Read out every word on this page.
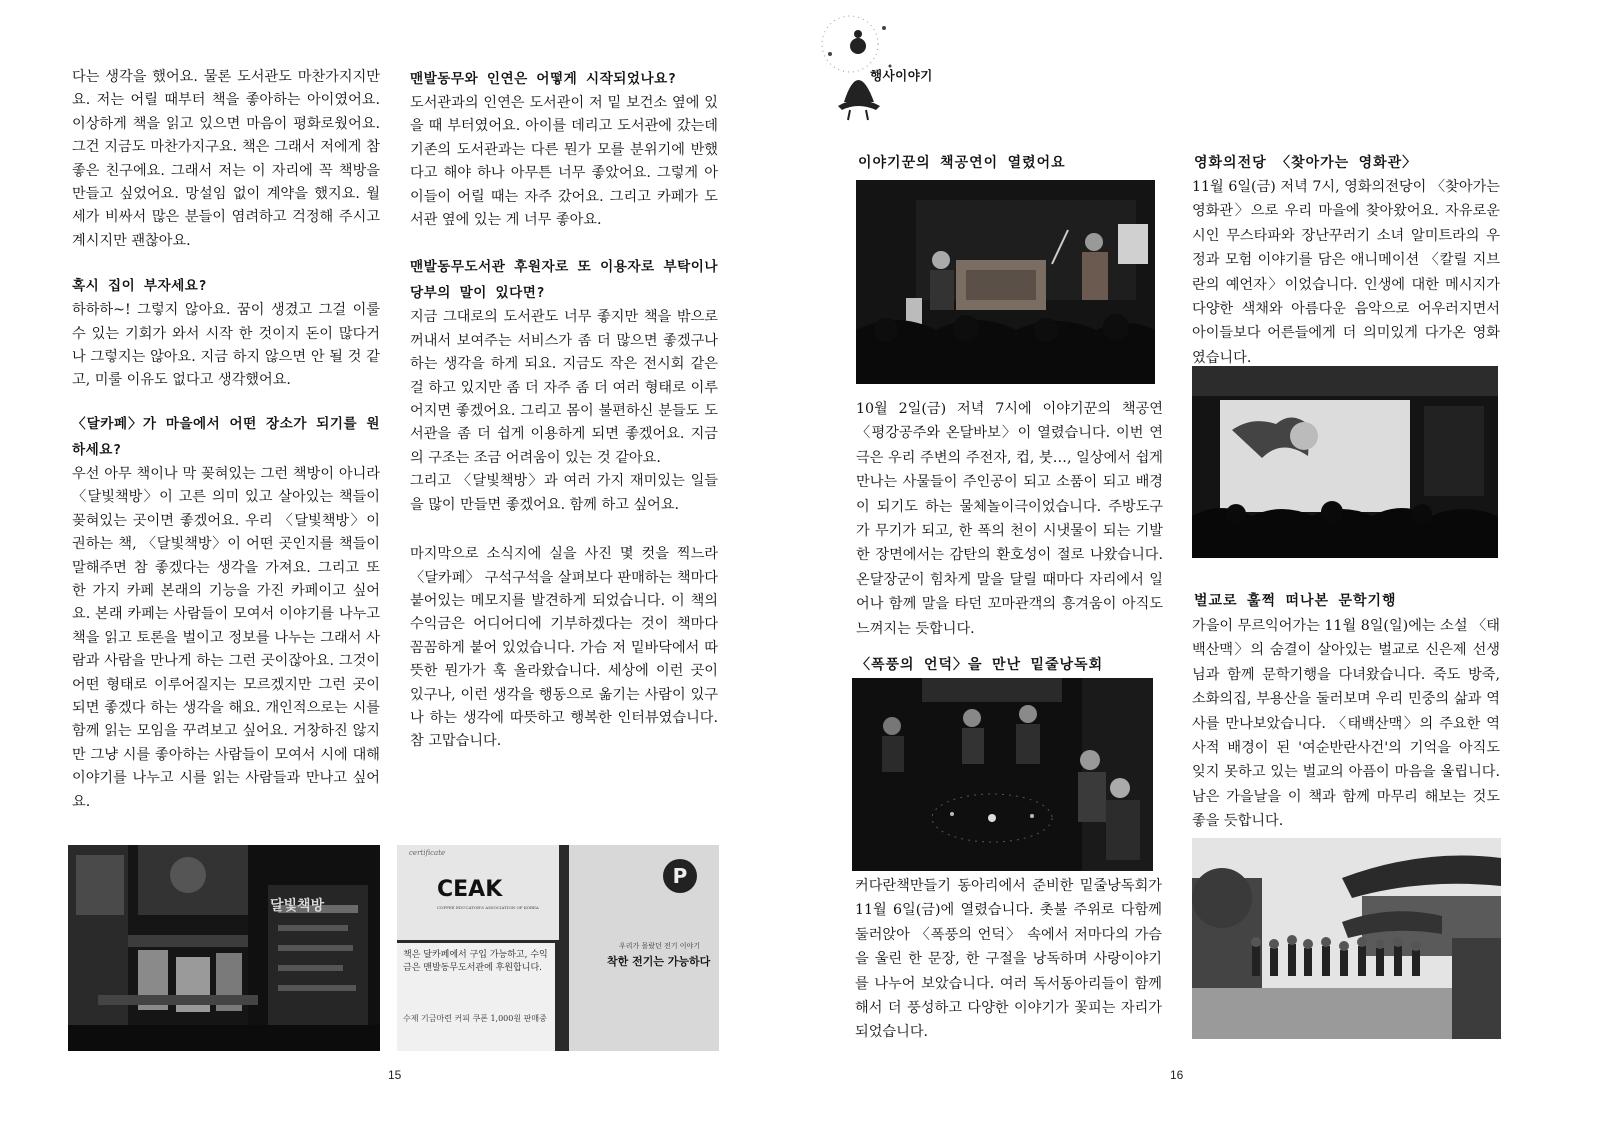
다는 생각을 했어요. 물론 도서관도 마찬가지지만요. 저는 어릴 때부터 책을 좋아하는 아이였어요. 이상하게 책을 읽고 있으면 마음이 평화로웠어요. 그건 지금도 마찬가지구요. 책은 그래서 저에게 참 좋은 친구에요. 그래서 저는 이 자리에 꼭 책방을 만들고 싶었어요. 망설임 없이 계약을 했지요. 월세가 비싸서 많은 분들이 염려하고 걱정해 주시고 계시지만 괜찮아요.

혹시 집이 부자세요?

하하하~! 그렇지 않아요. 꿈이 생겼고 그걸 이룰 수 있는 기회가 와서 시작 한 것이지 돈이 많다거나 그렇지는 않아요. 지금 하지 않으면 안 될 것 같고, 미룰 이유도 없다고 생각했어요.

〈달카페〉가 마을에서 어떤 장소가 되기를 원하세요?

우선 아무 책이나 막 꽂혀있는 그런 책방이 아니라 〈달빛책방〉이 고른 의미 있고 살아있는 책들이 꽂혀있는 곳이면 좋겠어요. 우리 〈달빛책방〉이 권하는 책, 〈달빛책방〉이 어떤 곳인지를 책들이 말해주면 참 좋겠다는 생각을 가져요. 그리고 또 한 가지 카페 본래의 기능을 가진 카페이고 싶어요. 본래 카페는 사람들이 모여서 이야기를 나누고 책을 읽고 토론을 벌이고 정보를 나누는 그래서 사람과 사람을 만나게 하는 그런 곳이잖아요. 그것이 어떤 형태로 이루어질지는 모르겠지만 그런 곳이 되면 좋겠다 하는 생각을 해요. 개인적으로는 시를 함께 읽는 모임을 꾸려보고 싶어요. 거창하진 않지만 그냥 시를 좋아하는 사람들이 모여서 시에 대해 이야기를 나누고 시를 읽는 사람들과 만나고 싶어요.

맨발동무와 인연은 어떻게 시작되었나요?

도서관과의 인연은 도서관이 저 밑 보건소 옆에 있을 때 부터였어요. 아이를 데리고 도서관에 갔는데 기존의 도서관과는 다른 뭔가 모를 분위기에 반했다고 해야 하나 아무튼 너무 좋았어요. 그렇게 아이들이 어릴 때는 자주 갔어요. 그리고 카페가 도서관 옆에 있는 게 너무 좋아요.

맨발동무도서관 후원자로 또 이용자로 부탁이나 당부의 말이 있다면?

지금 그대로의 도서관도 너무 좋지만 책을 밖으로 꺼내서 보여주는 서비스가 좀 더 많으면 좋겠구나 하는 생각을 하게 되요. 지금도 작은 전시회 같은걸 하고 있지만 좀 더 자주 좀 더 여러 형태로 이루어지면 좋겠어요. 그리고 몸이 불편하신 분들도 도서관을 좀 더 쉽게 이용하게 되면 좋겠어요. 지금의 구조는 조금 어려움이 있는 것 같아요.

그리고 〈달빛책방〉과 여러 가지 재미있는 일들을 많이 만들면 좋겠어요. 함께 하고 싶어요.

마지막으로 소식지에 실을 사진 몇 컷을 찍느라 〈달카페〉 구석구석을 살펴보다 판매하는 책마다 붙어있는 메모지를 발견하게 되었습니다. 이 책의 수익금은 어디어디에 기부하겠다는 것이 책마다 꼼꼼하게 붙어 있었습니다. 가슴 저 밑바닥에서 따뜻한 뭔가가 훅 올라왔습니다. 세상에 이런 곳이 있구나, 이런 생각을 행동으로 옮기는 사람이 있구나 하는 생각에 따뜻하고 행복한 인터뷰였습니다. 참 고맙습니다.

달빛책방
certificate
CEAK
COFFEE EDUCATOR'S ASSOCIATION OF KOREA
책은 달카페에서 구입 가능하고, 수익금은 맨발동무도서관에 후원합니다.
수제 기금마련 커피 쿠폰 1,000원 판매중
P
우리가 몰랐던 전기 이야기
착한 전기는 가능하다
15
행사이야기
이야기꾼의 책공연이 열렸어요

10월 2일(금) 저녁 7시에 이야기꾼의 책공연 〈평강공주와 온달바보〉이 열렸습니다. 이번 연극은 우리 주변의 주전자, 컵, 붓…, 일상에서 쉽게 만나는 사물들이 주인공이 되고 소품이 되고 배경이 되기도 하는 물체놀이극이었습니다. 주방도구가 무기가 되고, 한 폭의 천이 시냇물이 되는 기발한 장면에서는 감탄의 환호성이 절로 나왔습니다. 온달장군이 힘차게 말을 달릴 때마다 자리에서 일어나 함께 말을 타던 꼬마관객의 흥겨움이 아직도 느껴지는 듯합니다.

〈폭풍의 언덕〉을 만난 밑줄낭독회

커다란책만들기 동아리에서 준비한 밑줄낭독회가 11월 6일(금)에 열렸습니다. 촛불 주위로 다함께 둘러앉아 〈폭풍의 언덕〉 속에서 저마다의 가슴을 울린 한 문장, 한 구절을 낭독하며 사랑이야기를 나누어 보았습니다. 여러 독서동아리들이 함께 해서 더 풍성하고 다양한 이야기가 꽃피는 자리가 되었습니다.

영화의전당 〈찾아가는 영화관〉

11월 6일(금) 저녁 7시, 영화의전당이 〈찾아가는 영화관〉으로 우리 마을에 찾아왔어요. 자유로운 시인 무스타파와 장난꾸러기 소녀 알미트라의 우정과 모험 이야기를 담은 애니메이션 〈칼릴 지브란의 예언자〉이었습니다. 인생에 대한 메시지가 다양한 색채와 아름다운 음악으로 어우러지면서 아이들보다 어른들에게 더 의미있게 다가온 영화였습니다.

벌교로 훌쩍 떠나본 문학기행

가을이 무르익어가는 11월 8일(일)에는 소설 〈태백산맥〉의 숨결이 살아있는 벌교로 신은제 선생님과 함께 문학기행을 다녀왔습니다. 죽도 방죽, 소화의집, 부용산을 둘러보며 우리 민중의 삶과 역사를 만나보았습니다. 〈태백산맥〉의 주요한 역사적 배경이 된 '여순반란사건'의 기억을 아직도 잊지 못하고 있는 벌교의 아픔이 마음을 울립니다. 남은 가을날을 이 책과 함께 마무리 해보는 것도 좋을 듯합니다.

16
